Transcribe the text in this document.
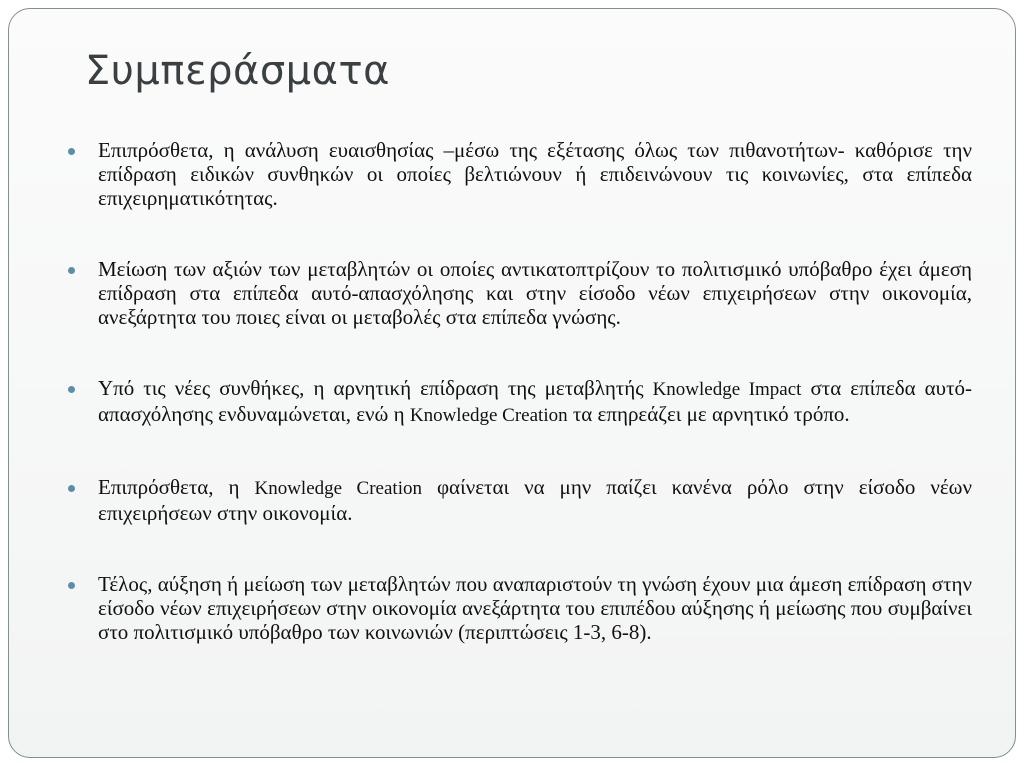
Συμπεράσματα
Επιπρόσθετα, η ανάλυση ευαισθησίας –μέσω της εξέτασης όλως των πιθανοτήτων- καθόρισε την επίδραση ειδικών συνθηκών οι οποίες βελτιώνουν ή επιδεινώνουν τις κοινωνίες, στα επίπεδα επιχειρηματικότητας.
Μείωση των αξιών των μεταβλητών οι οποίες αντικατοπτρίζουν το πολιτισμικό υπόβαθρο έχει άμεση επίδραση στα επίπεδα αυτό-απασχόλησης και στην είσοδο νέων επιχειρήσεων στην οικονομία, ανεξάρτητα του ποιες είναι οι μεταβολές στα επίπεδα γνώσης.
Υπό τις νέες συνθήκες, η αρνητική επίδραση της μεταβλητής Knowledge Impact στα επίπεδα αυτό-απασχόλησης ενδυναμώνεται, ενώ η Knowledge Creation τα επηρεάζει με αρνητικό τρόπο.
Επιπρόσθετα, η Knowledge Creation φαίνεται να μην παίζει κανένα ρόλο στην είσοδο νέων επιχειρήσεων στην οικονομία.
Τέλος, αύξηση ή μείωση των μεταβλητών που αναπαριστούν τη γνώση έχουν μια άμεση επίδραση στην είσοδο νέων επιχειρήσεων στην οικονομία ανεξάρτητα του επιπέδου αύξησης ή μείωσης που συμβαίνει στο πολιτισμικό υπόβαθρο των κοινωνιών (περιπτώσεις 1-3, 6-8).
